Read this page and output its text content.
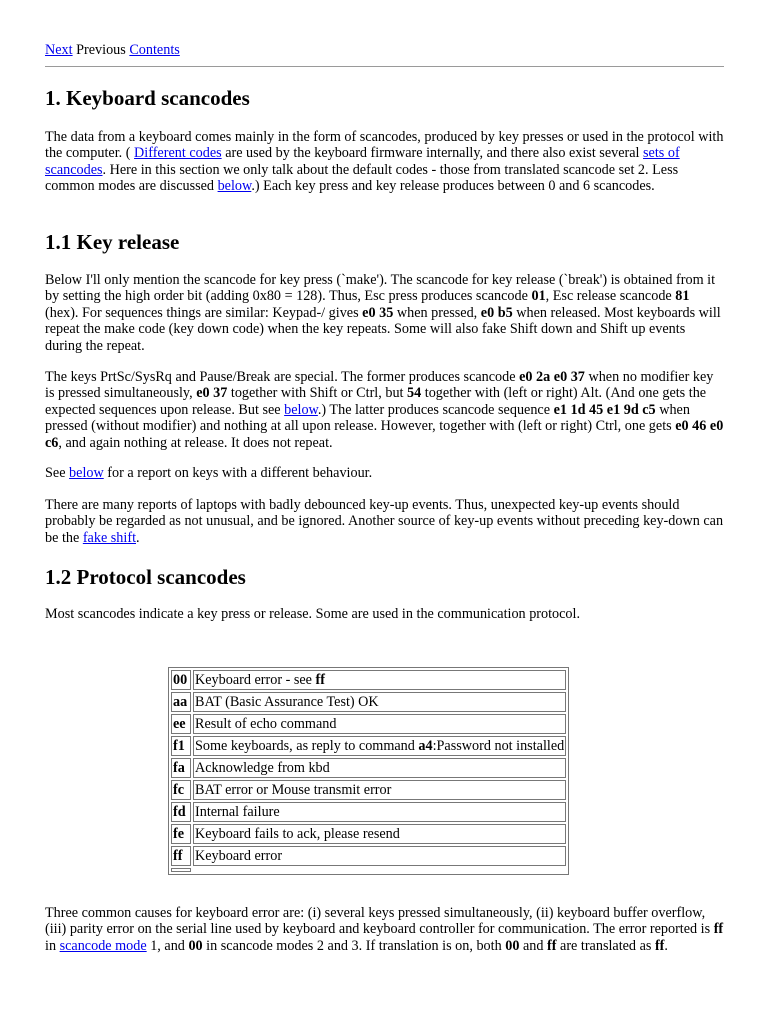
Next Previous Contents
1. Keyboard scancodes

The data from a keyboard comes mainly in the form of scancodes, produced by key presses or used in the protocol with the computer. ( Different codes are used by the keyboard firmware internally, and there also exist several sets of scancodes. Here in this section we only talk about the default codes - those from translated scancode set 2. Less common modes are discussed below.) Each key press and key release produces between 0 and 6 scancodes.

1.1 Key release

Below I'll only mention the scancode for key press (`make'). The scancode for key release (`break') is obtained from it by setting the high order bit (adding 0x80 = 128). Thus, Esc press produces scancode 01, Esc release scancode 81 (hex). For sequences things are similar: Keypad-/ gives e0 35 when pressed, e0 b5 when released. Most keyboards will repeat the make code (key down code) when the key repeats. Some will also fake Shift down and Shift up events during the repeat.

The keys PrtSc/SysRq and Pause/Break are special. The former produces scancode e0 2a e0 37 when no modifier key is pressed simultaneously, e0 37 together with Shift or Ctrl, but 54 together with (left or right) Alt. (And one gets the expected sequences upon release. But see below.) The latter produces scancode sequence e1 1d 45 e1 9d c5 when pressed (without modifier) and nothing at all upon release. However, together with (left or right) Ctrl, one gets e0 46 e0 c6, and again nothing at release. It does not repeat.

See below for a report on keys with a different behaviour.

There are many reports of laptops with badly debounced key-up events. Thus, unexpected key-up events should probably be regarded as not unusual, and be ignored. Another source of key-up events without preceding key-down can be the fake shift.

1.2 Protocol scancodes

Most scancodes indicate a key press or release. Some are used in the communication protocol.

00	Keyboard error - see ff
aa	BAT (Basic Assurance Test) OK
ee	Result of echo command
f1	Some keyboards, as reply to command a4:Password not installed
fa	Acknowledge from kbd
fc	BAT error or Mouse transmit error
fd	Internal failure
fe	Keyboard fails to ack, please resend
ff	Keyboard error

Three common causes for keyboard error are: (i) several keys pressed simultaneously, (ii) keyboard buffer overflow, (iii) parity error on the serial line used by keyboard and keyboard controller for communication. The error reported is ff in scancode mode 1, and 00 in scancode modes 2 and 3. If translation is on, both 00 and ff are translated as ff.
